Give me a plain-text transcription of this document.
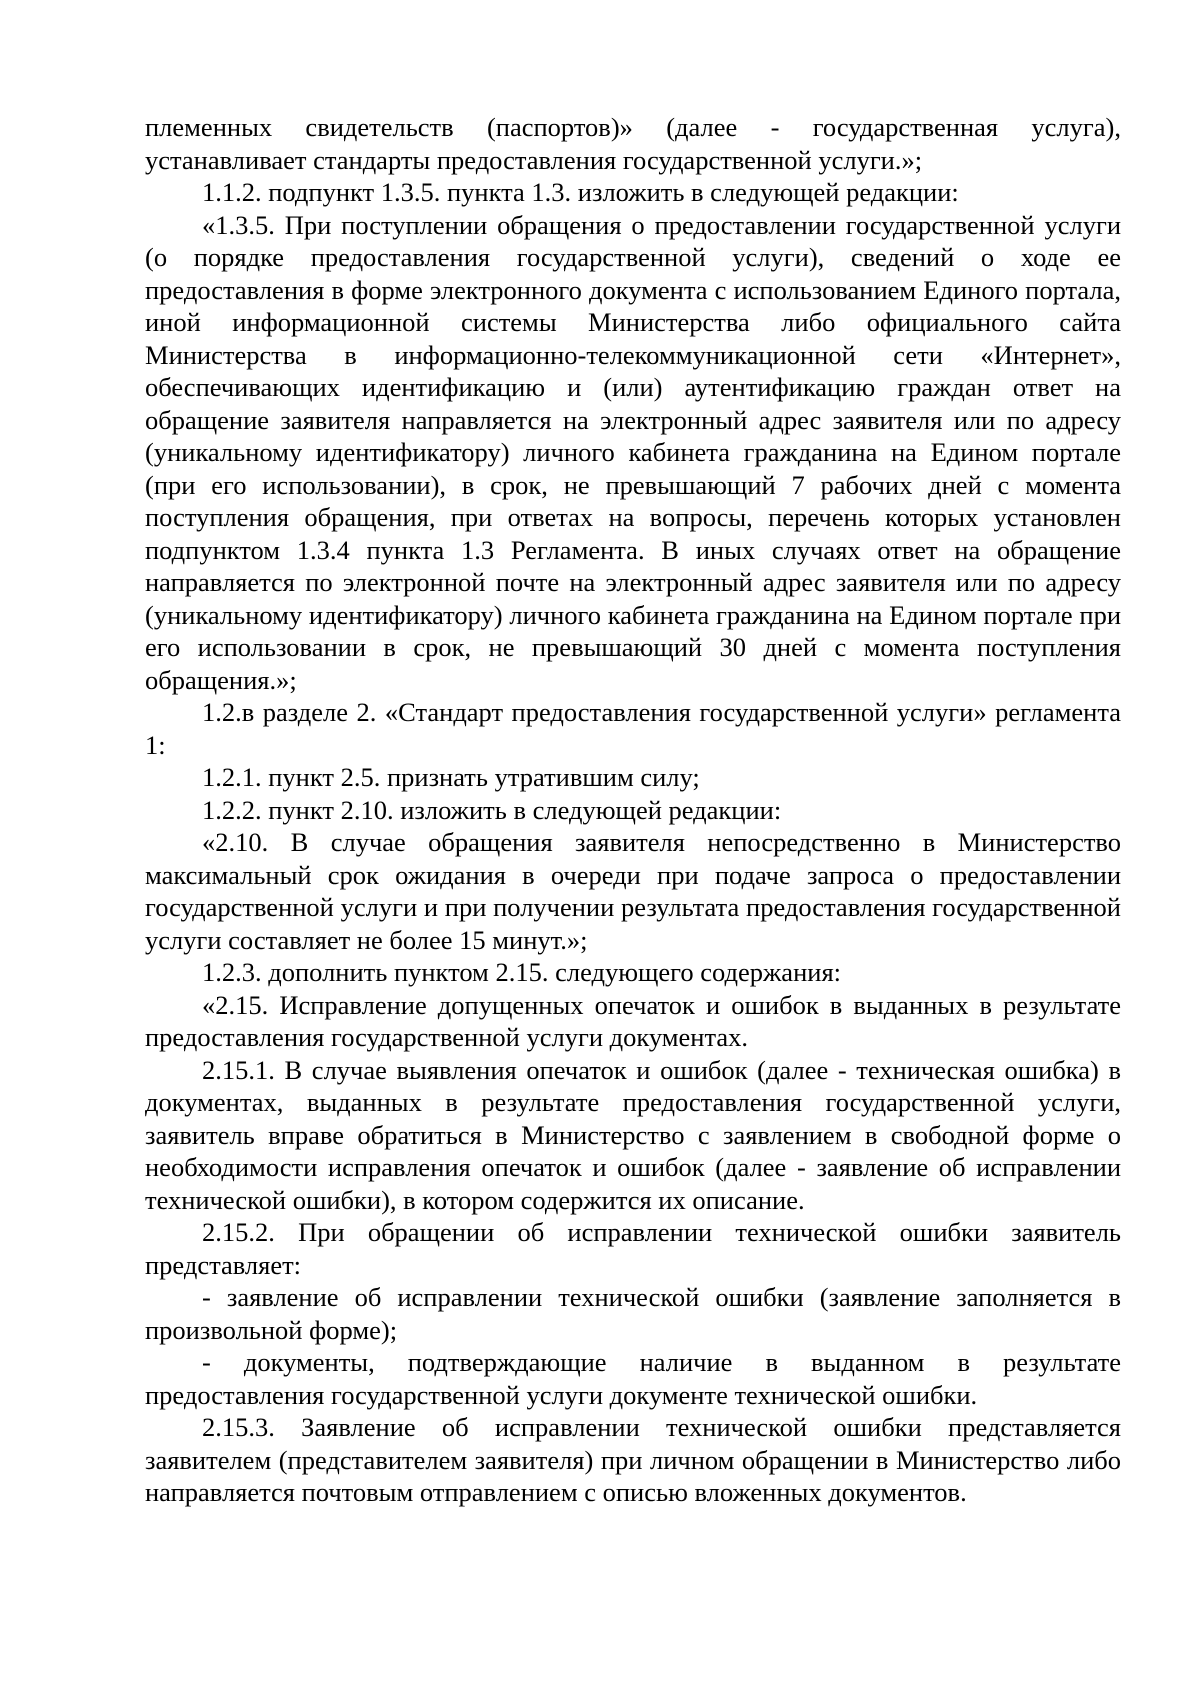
племенных свидетельств (паспортов)» (далее - государственная услуга), устанавливает стандарты предоставления государственной услуги.»;

1.1.2. подпункт 1.3.5. пункта 1.3. изложить в следующей редакции:

«1.3.5. При поступлении обращения о предоставлении государственной услуги (о порядке предоставления государственной услуги), сведений о ходе ее предоставления в форме электронного документа с использованием Единого портала, иной информационной системы Министерства либо официального сайта Министерства в информационно-телекоммуникационной сети «Интернет», обеспечивающих идентификацию и (или) аутентификацию граждан ответ на обращение заявителя направляется на электронный адрес заявителя или по адресу (уникальному идентификатору) личного кабинета гражданина на Едином портале (при его использовании), в срок, не превышающий 7 рабочих дней с момента поступления обращения, при ответах на вопросы, перечень которых установлен подпунктом 1.3.4 пункта 1.3 Регламента. В иных случаях ответ на обращение направляется по электронной почте на электронный адрес заявителя или по адресу (уникальному идентификатору) личного кабинета гражданина на Едином портале при его использовании в срок, не превышающий 30 дней с момента поступления обращения.»;

1.2.в разделе 2. «Стандарт предоставления государственной услуги» регламента 1:

1.2.1. пункт 2.5. признать утратившим силу;

1.2.2. пункт 2.10. изложить в следующей редакции:

«2.10. В случае обращения заявителя непосредственно в Министерство максимальный срок ожидания в очереди при подаче запроса о предоставлении государственной услуги и при получении результата предоставления государственной услуги составляет не более 15 минут.»;

1.2.3. дополнить пунктом 2.15. следующего содержания:

«2.15. Исправление допущенных опечаток и ошибок в выданных в результате предоставления государственной услуги документах.

2.15.1. В случае выявления опечаток и ошибок (далее - техническая ошибка) в документах, выданных в результате предоставления государственной услуги, заявитель вправе обратиться в Министерство с заявлением в свободной форме о необходимости исправления опечаток и ошибок (далее - заявление об исправлении технической ошибки), в котором содержится их описание.

2.15.2. При обращении об исправлении технической ошибки заявитель представляет:

- заявление об исправлении технической ошибки (заявление заполняется в произвольной форме);

- документы, подтверждающие наличие в выданном в результате предоставления государственной услуги документе технической ошибки.

2.15.3. Заявление об исправлении технической ошибки представляется заявителем (представителем заявителя) при личном обращении в Министерство либо направляется почтовым отправлением с описью вложенных документов.
